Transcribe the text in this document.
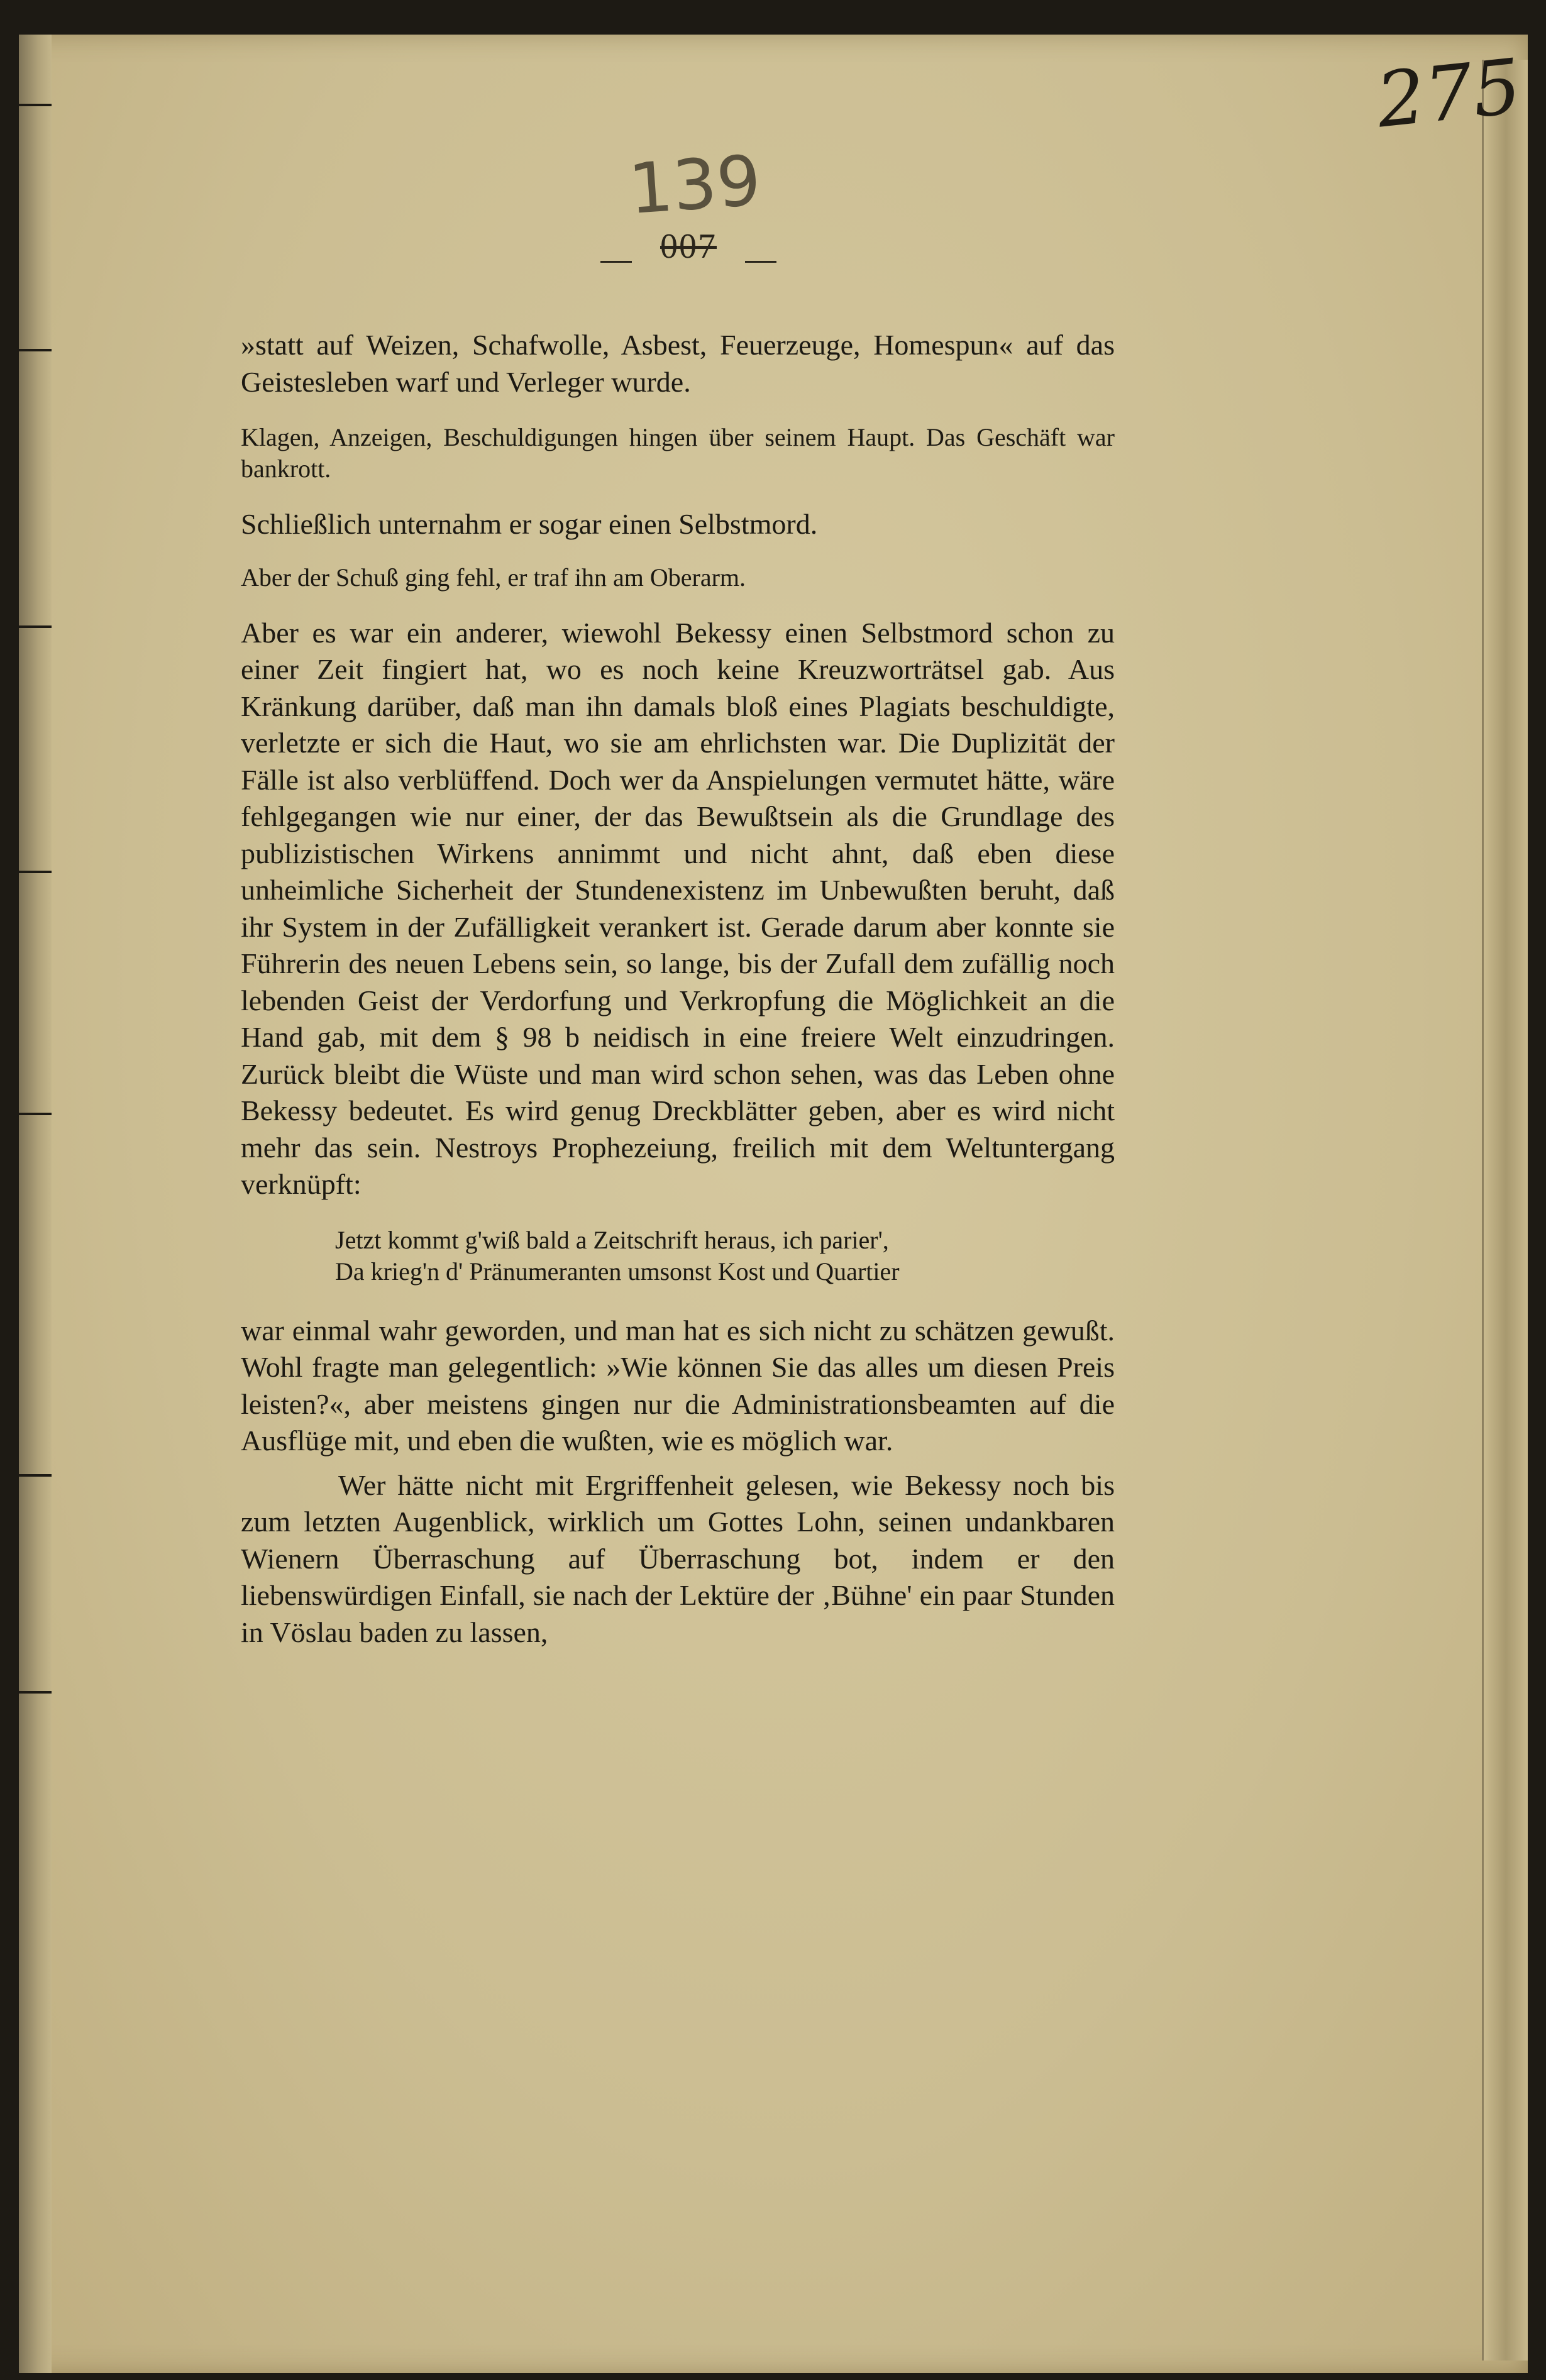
275
139
007

»statt auf Weizen, Schafwolle, Asbest, Feuerzeuge, Homespun« auf das Geistesleben warf und Verleger wurde.

Klagen, Anzeigen, Beschuldigungen hingen über seinem Haupt. Das Geschäft war bankrott.

Schließlich unternahm er sogar einen Selbstmord.

Aber der Schuß ging fehl, er traf ihn am Oberarm.

Aber es war ein anderer, wiewohl Bekessy einen Selbstmord schon zu einer Zeit fingiert hat, wo es noch keine Kreuzworträtsel gab. Aus Kränkung darüber, daß man ihn damals bloß eines Plagiats beschuldigte, verletzte er sich die Haut, wo sie am ehrlichsten war. Die Duplizität der Fälle ist also verblüffend. Doch wer da Anspielungen vermutet hätte, wäre fehlgegangen wie nur einer, der das Bewußtsein als die Grundlage des publizistischen Wirkens annimmt und nicht ahnt, daß eben diese unheimliche Sicherheit der Stundenexistenz im Unbewußten beruht, daß ihr System in der Zufälligkeit verankert ist. Gerade darum aber konnte sie Führerin des neuen Lebens sein, so lange, bis der Zufall dem zufällig noch lebenden Geist der Verdorfung und Verkropfung die Möglichkeit an die Hand gab, mit dem § 98 b neidisch in eine freiere Welt einzudringen. Zurück bleibt die Wüste und man wird schon sehen, was das Leben ohne Bekessy bedeutet. Es wird genug Dreckblätter geben, aber es wird nicht mehr das sein. Nestroys Prophezeiung, freilich mit dem Weltuntergang verknüpft:

Jetzt kommt g'wiß bald a Zeitschrift heraus, ich parier',
Da krieg'n d' Pränumeranten umsonst Kost und Quartier

war einmal wahr geworden, und man hat es sich nicht zu schätzen gewußt. Wohl fragte man gelegentlich: »Wie können Sie das alles um diesen Preis leisten?«, aber meistens gingen nur die Administrationsbeamten auf die Ausflüge mit, und eben die wußten, wie es möglich war.

Wer hätte nicht mit Ergriffenheit gelesen, wie Bekessy noch bis zum letzten Augenblick, wirklich um Gottes Lohn, seinen undankbaren Wienern Überraschung auf Überraschung bot, indem er den liebenswürdigen Einfall, sie nach der Lektüre der ‚Bühne' ein paar Stunden in Vöslau baden zu lassen,
